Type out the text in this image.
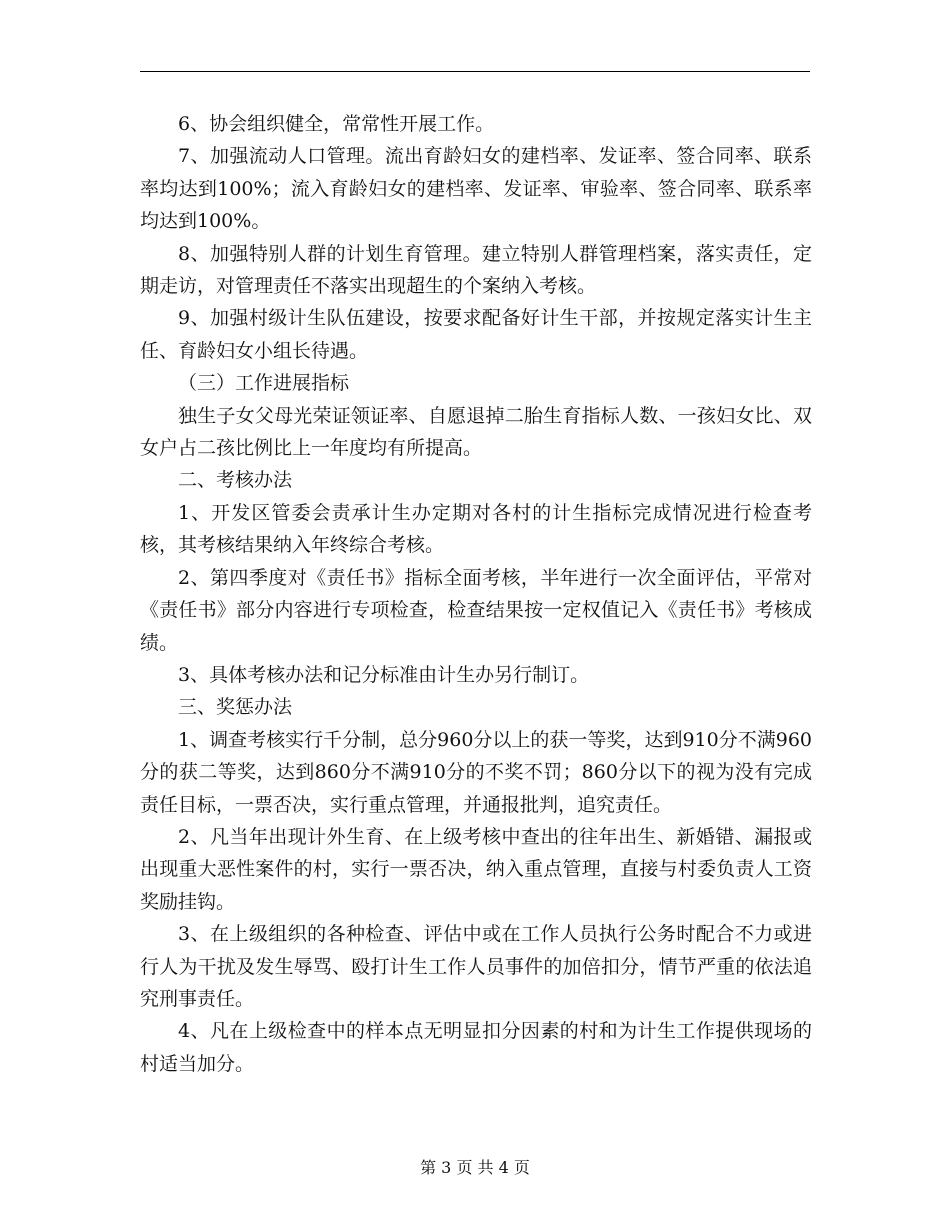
6、协会组织健全，常常性开展工作。

7、加强流动人口管理。流出育龄妇女的建档率、发证率、签合同率、联系率均达到100%；流入育龄妇女的建档率、发证率、审验率、签合同率、联系率均达到100%。

8、加强特别人群的计划生育管理。建立特别人群管理档案，落实责任，定期走访，对管理责任不落实出现超生的个案纳入考核。

9、加强村级计生队伍建设，按要求配备好计生干部，并按规定落实计生主任、育龄妇女小组长待遇。

（三）工作进展指标

独生子女父母光荣证领证率、自愿退掉二胎生育指标人数、一孩妇女比、双女户占二孩比例比上一年度均有所提高。

二、考核办法

1、开发区管委会责承计生办定期对各村的计生指标完成情况进行检查考核，其考核结果纳入年终综合考核。

2、第四季度对《责任书》指标全面考核，半年进行一次全面评估，平常对《责任书》部分内容进行专项检查，检查结果按一定权值记入《责任书》考核成绩。

3、具体考核办法和记分标准由计生办另行制订。

三、奖惩办法

1、调查考核实行千分制，总分960分以上的获一等奖，达到910分不满960分的获二等奖，达到860分不满910分的不奖不罚；860分以下的视为没有完成责任目标，一票否决，实行重点管理，并通报批判，追究责任。

2、凡当年出现计外生育、在上级考核中查出的往年出生、新婚错、漏报或出现重大恶性案件的村，实行一票否决，纳入重点管理，直接与村委负责人工资奖励挂钩。

3、在上级组织的各种检查、评估中或在工作人员执行公务时配合不力或进行人为干扰及发生辱骂、殴打计生工作人员事件的加倍扣分，情节严重的依法追究刑事责任。

4、凡在上级检查中的样本点无明显扣分因素的村和为计生工作提供现场的村适当加分。

第 3 页 共 4 页
